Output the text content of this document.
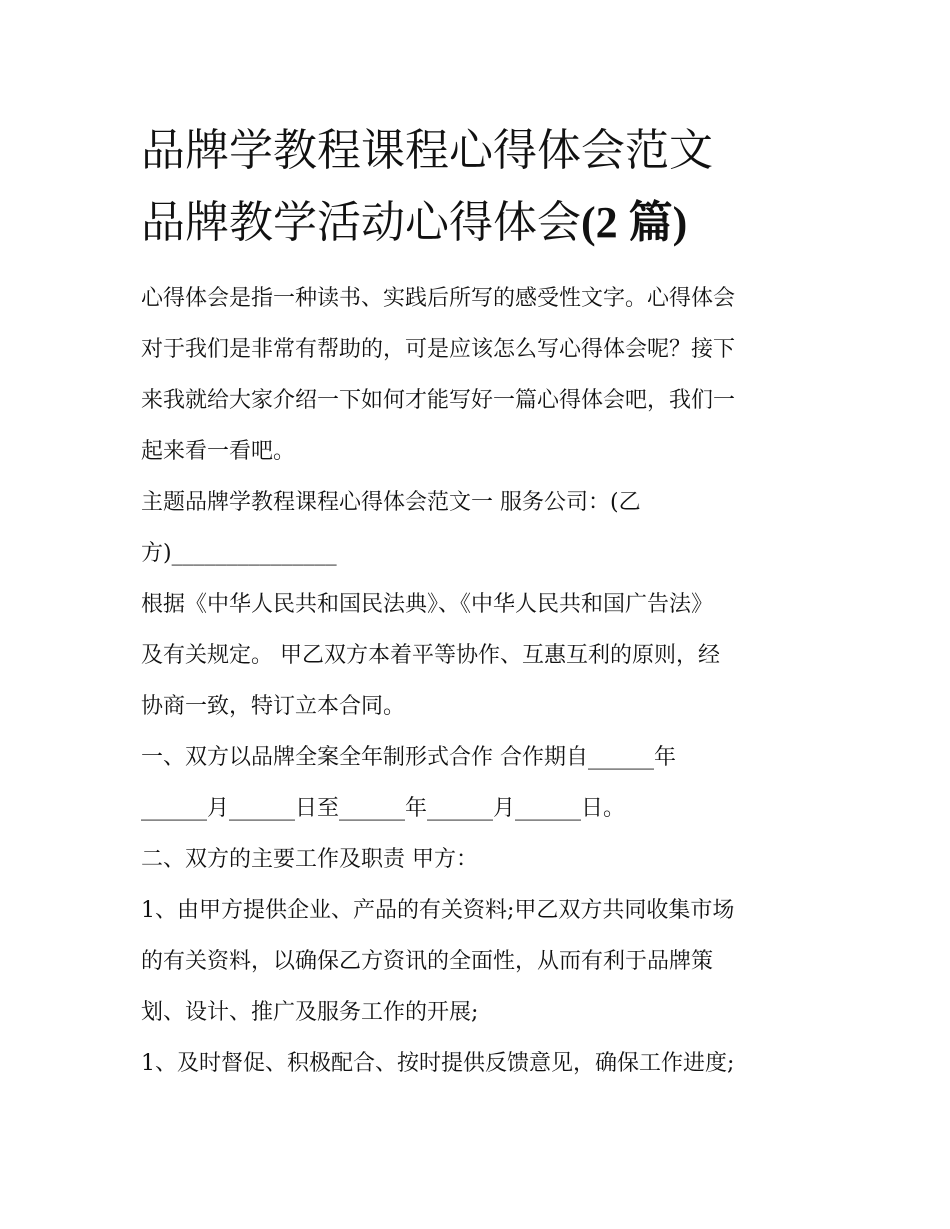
品牌学教程课程心得体会范文
品牌教学活动心得体会(2 篇)

心得体会是指一种读书、实践后所写的感受性文字。心得体会
对于我们是非常有帮助的，可是应该怎么写心得体会呢？接下
来我就给大家介绍一下如何才能写好一篇心得体会吧，我们一
起来看一看吧。

主题品牌学教程课程心得体会范文一 服务公司：(乙
方)_______________

根据《中华人民共和国民法典》、《中华人民共和国广告法》
及有关规定。 甲乙双方本着平等协作、互惠互利的原则，经
协商一致，特订立本合同。

一、双方以品牌全案全年制形式合作 合作期自______年
______月______日至______年______月______日。

二、双方的主要工作及职责 甲方：

1、由甲方提供企业、产品的有关资料;甲乙双方共同收集市场
的有关资料，以确保乙方资讯的全面性，从而有利于品牌策
划、设计、推广及服务工作的开展;

1、及时督促、积极配合、按时提供反馈意见，确保工作进度;
